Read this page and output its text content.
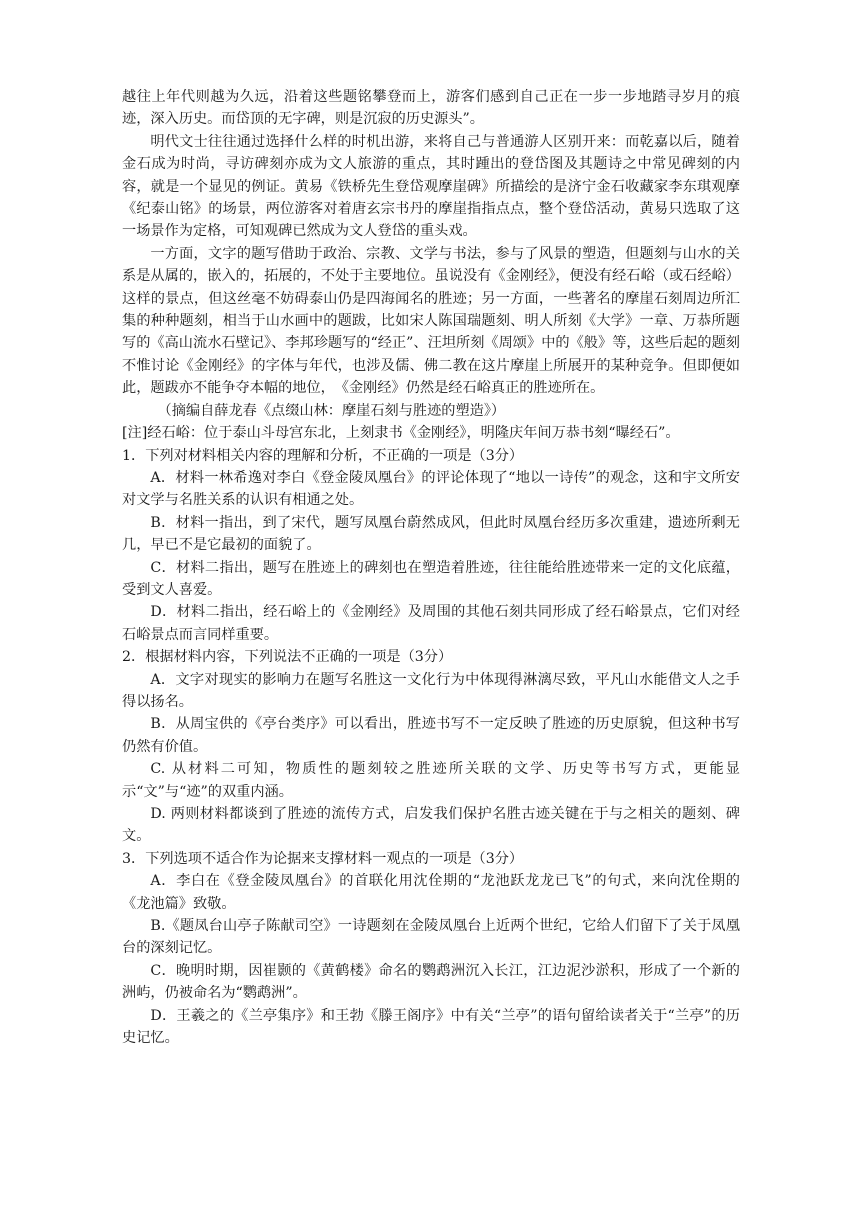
越往上年代则越为久远，沿着这些题铭攀登而上，游客们感到自己正在一步一步地踏寻岁月的痕迹，深入历史。而岱顶的无字碑，则是沉寂的历史源头”。

明代文士往往通过选择什么样的时机出游，来将自己与普通游人区别开来：而乾嘉以后，随着金石成为时尚，寻访碑刻亦成为文人旅游的重点，其时踵出的登岱图及其题诗之中常见碑刻的内容，就是一个显见的例证。黄易《铁桥先生登岱观摩崖碑》所描绘的是济宁金石收藏家李东琪观摩《纪泰山铭》的场景，两位游客对着唐玄宗书丹的摩崖指指点点，整个登岱活动，黄易只选取了这一场景作为定格，可知观碑已然成为文人登岱的重头戏。

一方面，文字的题写借助于政治、宗教、文学与书法，参与了风景的塑造，但题刻与山水的关系是从属的，嵌入的，拓展的，不处于主要地位。虽说没有《金刚经》，便没有经石峪（或石经峪）这样的景点，但这丝毫不妨碍泰山仍是四海闻名的胜迹；另一方面，一些著名的摩崖石刻周边所汇集的种种题刻，相当于山水画中的题跋，比如宋人陈国瑞题刻、明人所刻《大学》一章、万恭所题写的《高山流水石壁记》、李邦珍题写的“经正”、汪坦所刻《周颂》中的《般》等，这些后起的题刻不惟讨论《金刚经》的字体与年代，也涉及儒、佛二教在这片摩崖上所展开的某种竞争。但即便如此，题跋亦不能争夺本幅的地位，　《金刚经》仍然是经石峪真正的胜迹所在。

（摘编自薛龙春《点缀山林：摩崖石刻与胜迹的塑造》）

[注]经石峪：位于泰山斗母宫东北，上刻隶书《金刚经》，明隆庆年间万恭书刻“曝经石”。

1．下列对材料相关内容的理解和分析，不正确的一项是（3分）

A．材料一林希逸对李白《登金陵凤凰台》的评论体现了“地以一诗传”的观念，这和宇文所安对文学与名胜关系的认识有相通之处。

B．材料一指出，到了宋代，题写凤凰台蔚然成风，但此时凤凰台经历多次重建，遗迹所剩无几，早已不是它最初的面貌了。

C．材料二指出，题写在胜迹上的碑刻也在塑造着胜迹，往往能给胜迹带来一定的文化底蕴，受到文人喜爱。

D．材料二指出，经石峪上的《金刚经》及周围的其他石刻共同形成了经石峪景点，它们对经石峪景点而言同样重要。

2．根据材料内容，下列说法不正确的一项是（3分）

A．文字对现实的影响力在题写名胜这一文化行为中体现得淋漓尽致，平凡山水能借文人之手得以扬名。

B．从周宝供的《亭台类序》可以看出，胜迹书写不一定反映了胜迹的历史原貌，但这种书写仍然有价值。

C. 从材料二可知，物质性的题刻较之胜迹所关联的文学、历史等书写方式，更能显示“文”与“迹”的双重内涵。

D. 两则材料都谈到了胜迹的流传方式，启发我们保护名胜古迹关键在于与之相关的题刻、碑文。

3．下列选项不适合作为论据来支撑材料一观点的一项是（3分）

A．李白在《登金陵凤凰台》的首联化用沈佺期的“龙池跃龙龙已飞”的句式，来向沈佺期的《龙池篇》致敬。

B.《题凤台山亭子陈献司空》一诗题刻在金陵凤凰台上近两个世纪，它给人们留下了关于凤凰台的深刻记忆。

C．晚明时期，因崔颢的《黄鹤楼》命名的鹦鹉洲沉入长江，江边泥沙淤积，形成了一个新的洲屿，仍被命名为“鹦鹉洲”。

D．王羲之的《兰亭集序》和王勃《滕王阁序》中有关“兰亭”的语句留给读者关于“兰亭”的历史记忆。
